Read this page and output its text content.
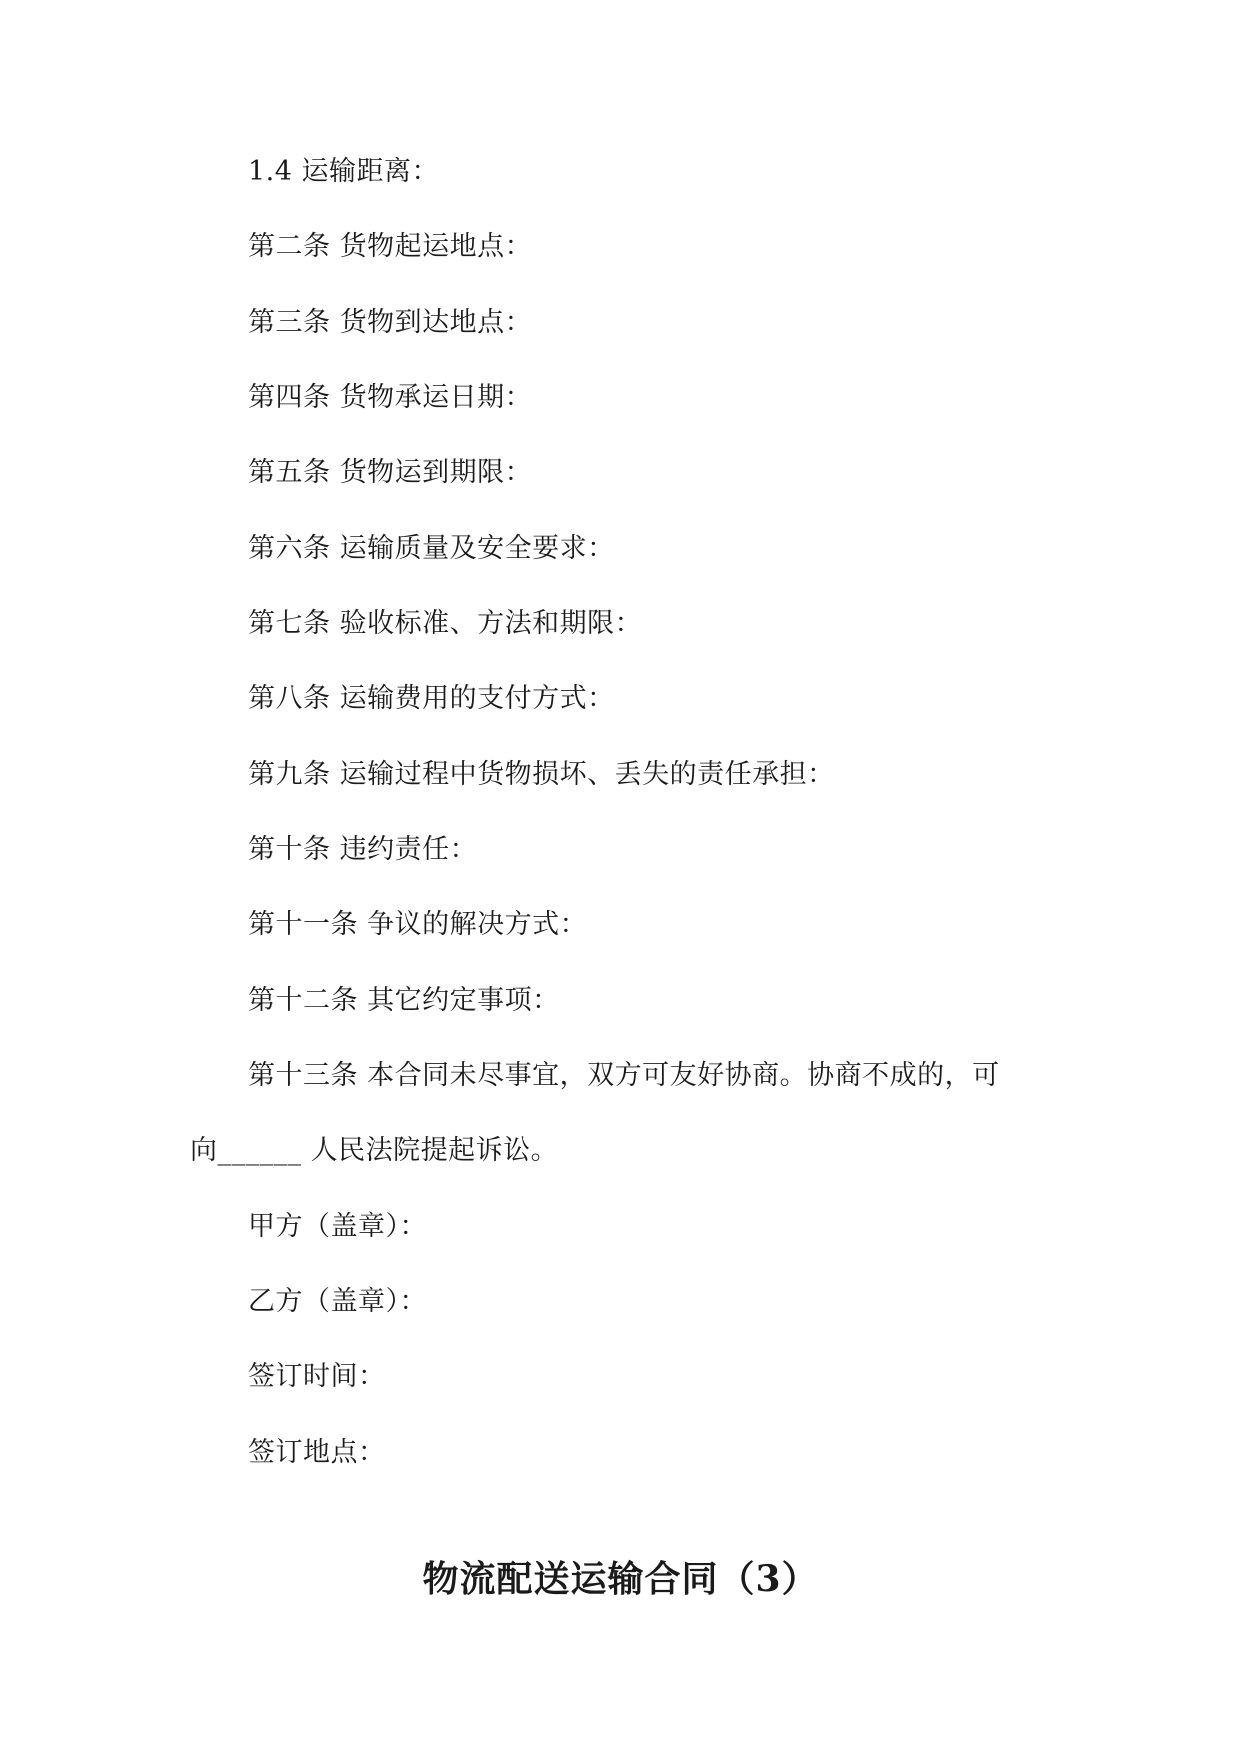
1.4 运输距离：
第二条 货物起运地点：
第三条 货物到达地点：
第四条 货物承运日期：
第五条 货物运到期限：
第六条 运输质量及安全要求：
第七条 验收标准、方法和期限：
第八条 运输费用的支付方式：
第九条 运输过程中货物损坏、丢失的责任承担：
第十条 违约责任：
第十一条 争议的解决方式：
第十二条 其它约定事项：
第十三条 本合同未尽事宜，双方可友好协商。协商不成的，可
向______ 人民法院提起诉讼。
甲方（盖章）：
乙方（盖章）：
签订时间：
签订地点：
物流配送运输合同（3）
